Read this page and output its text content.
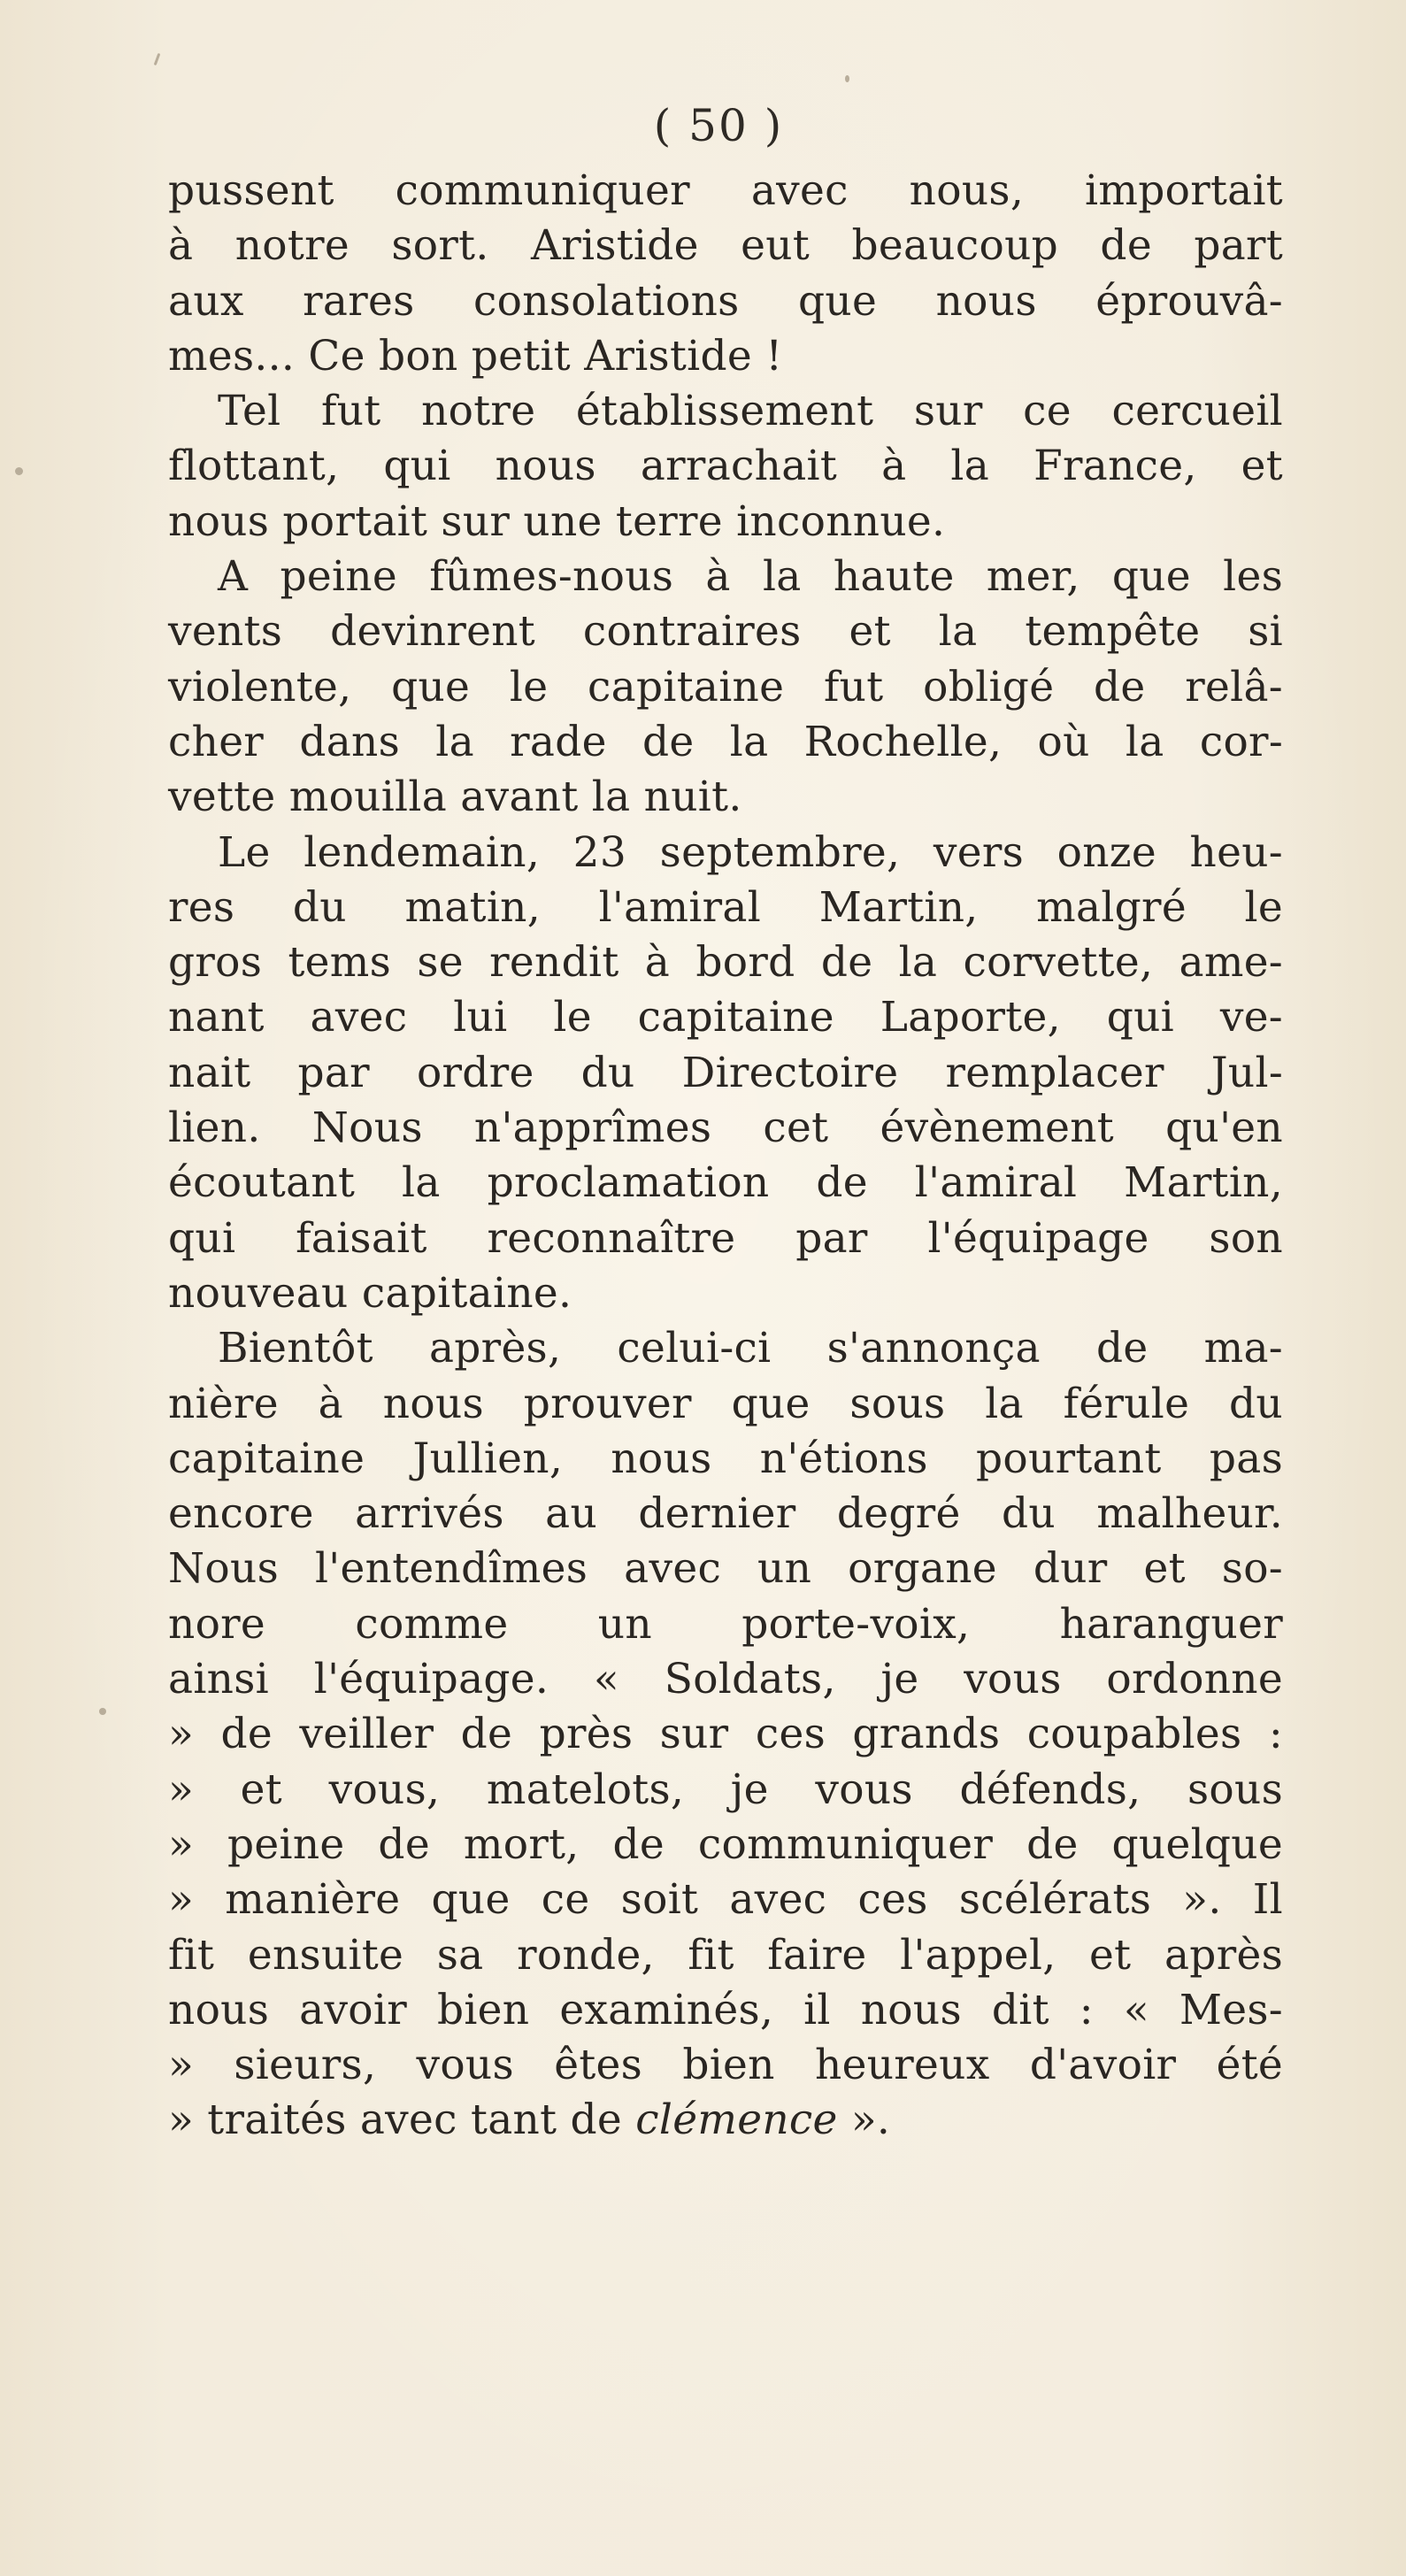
( 50 )
pussent communiquer avec nous, importait
à notre sort. Aristide eut beaucoup de part
aux rares consolations que nous éprouvâ-
mes... Ce bon petit Aristide !
Tel fut notre établissement sur ce cercueil
flottant, qui nous arrachait à la France, et
nous portait sur une terre inconnue.
A peine fûmes-nous à la haute mer, que les
vents devinrent contraires et la tempête si
violente, que le capitaine fut obligé de relâ-
cher dans la rade de la Rochelle, où la cor-
vette mouilla avant la nuit.
Le lendemain, 23 septembre, vers onze heu-
res du matin, l'amiral Martin, malgré le
gros tems se rendit à bord de la corvette, ame-
nant avec lui le capitaine Laporte, qui ve-
nait par ordre du Directoire remplacer Jul-
lien. Nous n'apprîmes cet évènement qu'en
écoutant la proclamation de l'amiral Martin,
qui faisait reconnaître par l'équipage son
nouveau capitaine.
Bientôt après, celui-ci s'annonça de ma-
nière à nous prouver que sous la férule du
capitaine Jullien, nous n'étions pourtant pas
encore arrivés au dernier degré du malheur.
Nous l'entendîmes avec un organe dur et so-
nore comme un porte-voix, haranguer
ainsi l'équipage. « Soldats, je vous ordonne
» de veiller de près sur ces grands coupables :
» et vous, matelots, je vous défends, sous
» peine de mort, de communiquer de quelque
» manière que ce soit avec ces scélérats ». Il
fit ensuite sa ronde, fit faire l'appel, et après
nous avoir bien examinés, il nous dit : « Mes-
» sieurs, vous êtes bien heureux d'avoir été
» traités avec tant de clémence ».
